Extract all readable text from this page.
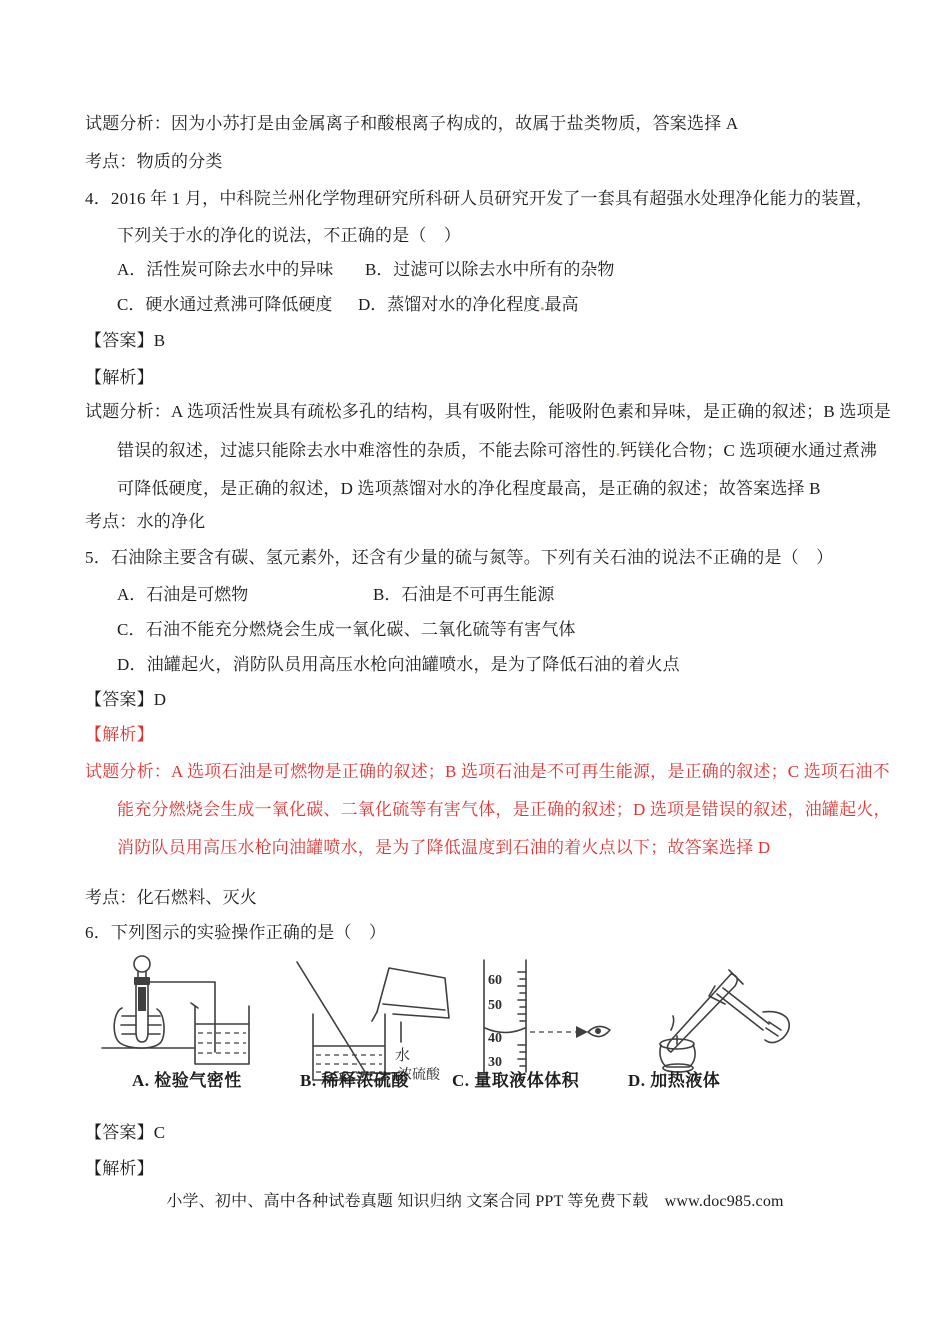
试题分析：因为小苏打是由金属离子和酸根离子构成的，故属于盐类物质，答案选择 A
考点：物质的分类
4．2016 年 1 月，中科院兰州化学物理研究所科研人员研究开发了一套具有超强水处理净化能力的装置，
下列关于水的净化的说法，不正确的是（　）
A．活性炭可除去水中的异味 B．过滤可以除去水中所有的杂物
C．硬水通过煮沸可降低硬度 D．蒸馏对水的净化程度.最高
【答案】B
【解析】
试题分析：A 选项活性炭具有疏松多孔的结构，具有吸附性，能吸附色素和异味，是正确的叙述；B 选项是
错误的叙述，过滤只能除去水中难溶性的杂质，不能去除可溶性的.钙镁化合物；C 选项硬水通过煮沸
可降低硬度，是正确的叙述，D 选项蒸馏对水的净化程度最高，是正确的叙述；故答案选择 B
考点：水的净化
5．石油除主要含有碳、氢元素外，还含有少量的硫与氮等。下列有关石油的说法不正确的是（　）
A．石油是可燃物	B．石油是不可再生能源
C．石油不能充分燃烧会生成一氧化碳、二氧化硫等有害气体
D．油罐起火，消防队员用高压水枪向油罐喷水，是为了降低石油的着火点
【答案】D
【解析】
试题分析：A 选项石油是可燃物是正确的叙述；B 选项石油是不可再生能源，是正确的叙述；C 选项石油不
能充分燃烧会生成一氧化碳、二氧化硫等有害气体，是正确的叙述；D 选项是错误的叙述，油罐起火，
消防队员用高压水枪向油罐喷水，是为了降低温度到石油的着火点以下；故答案选择 D
考点：化石燃料、灭火
6．下列图示的实验操作正确的是（　）
水
浓硫酸
60
50
40
30
A. 检验气密性	B. 稀释浓硫酸	C. 量取液体体积	D. 加热液体
【答案】C
【解析】
小学、初中、高中各种试卷真题 知识归纳 文案合同 PPT 等免费下载　www.doc985.com
